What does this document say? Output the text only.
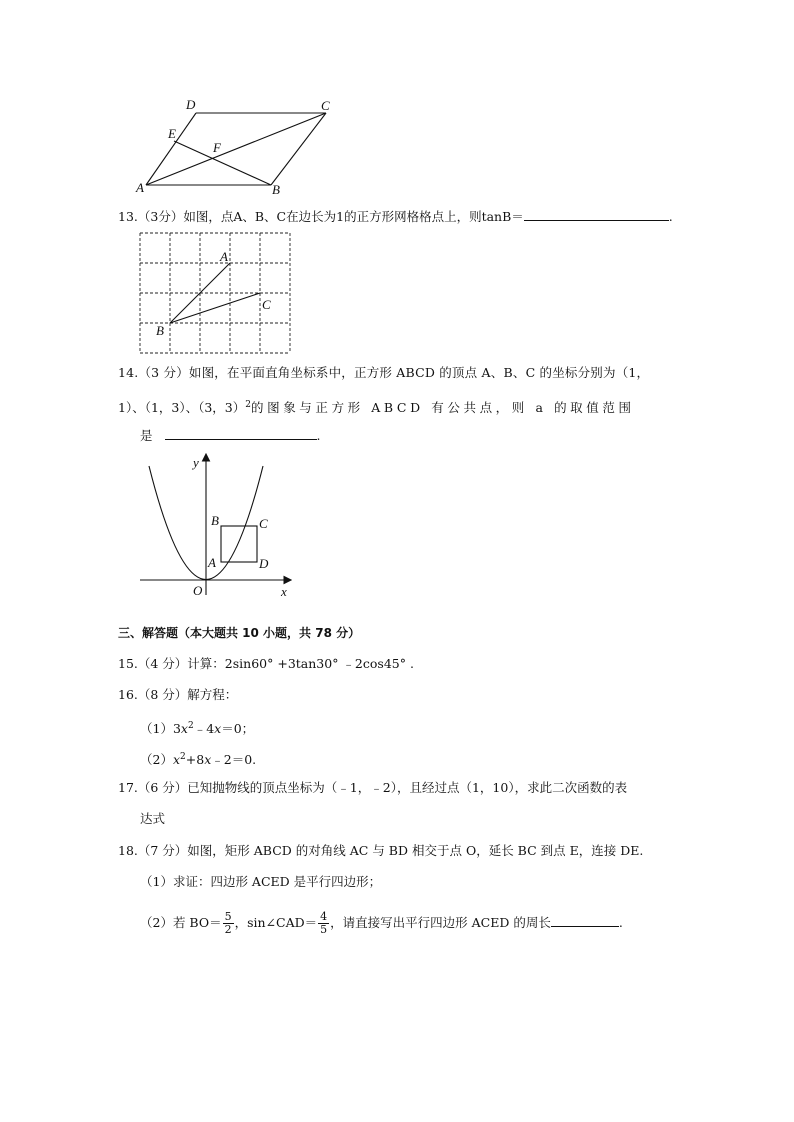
D	C
E
F
A	B
13.（3分）如图，点A、B、C在边长为1的正方形网格格点上，则tanB＝	.
A
C
B
14.（3 分）如图，在平面直角坐标系中，正方形 ABCD 的顶点 A、B、C 的坐标分别为（1，
1）、（1，3）、（3，3）$^2$的图象与正方形 ABCD 有公共点，则 a 的取值范围
是	.
y
x
O
A
B	C
D
三、解答题（本大题共 10 小题，共 78 分）
15.（4 分）计算：2sin60° +3tan30° ﹣2cos45° .
16.（8 分）解方程：
$(1)3x^2﹣4x=0$；
$(2)x^2+8x﹣2=0$.
17.（6 分）已知抛物线的顶点坐标为（﹣1，﹣2），且经过点（1，10），求此二次函数的表
达式
18.（7 分）如图，矩形 ABCD 的对角线 AC 与 BD 相交于点 O，延长 BC 到点 E，连接 DE.
（1）求证：四边形 ACED 是平行四边形；
（2）若 $BO= \frac{5}{2}$ ，sin∠CAD＝ $\frac{4}{5}$ ，请直接写出平行四边形 ACED 的周长	.
